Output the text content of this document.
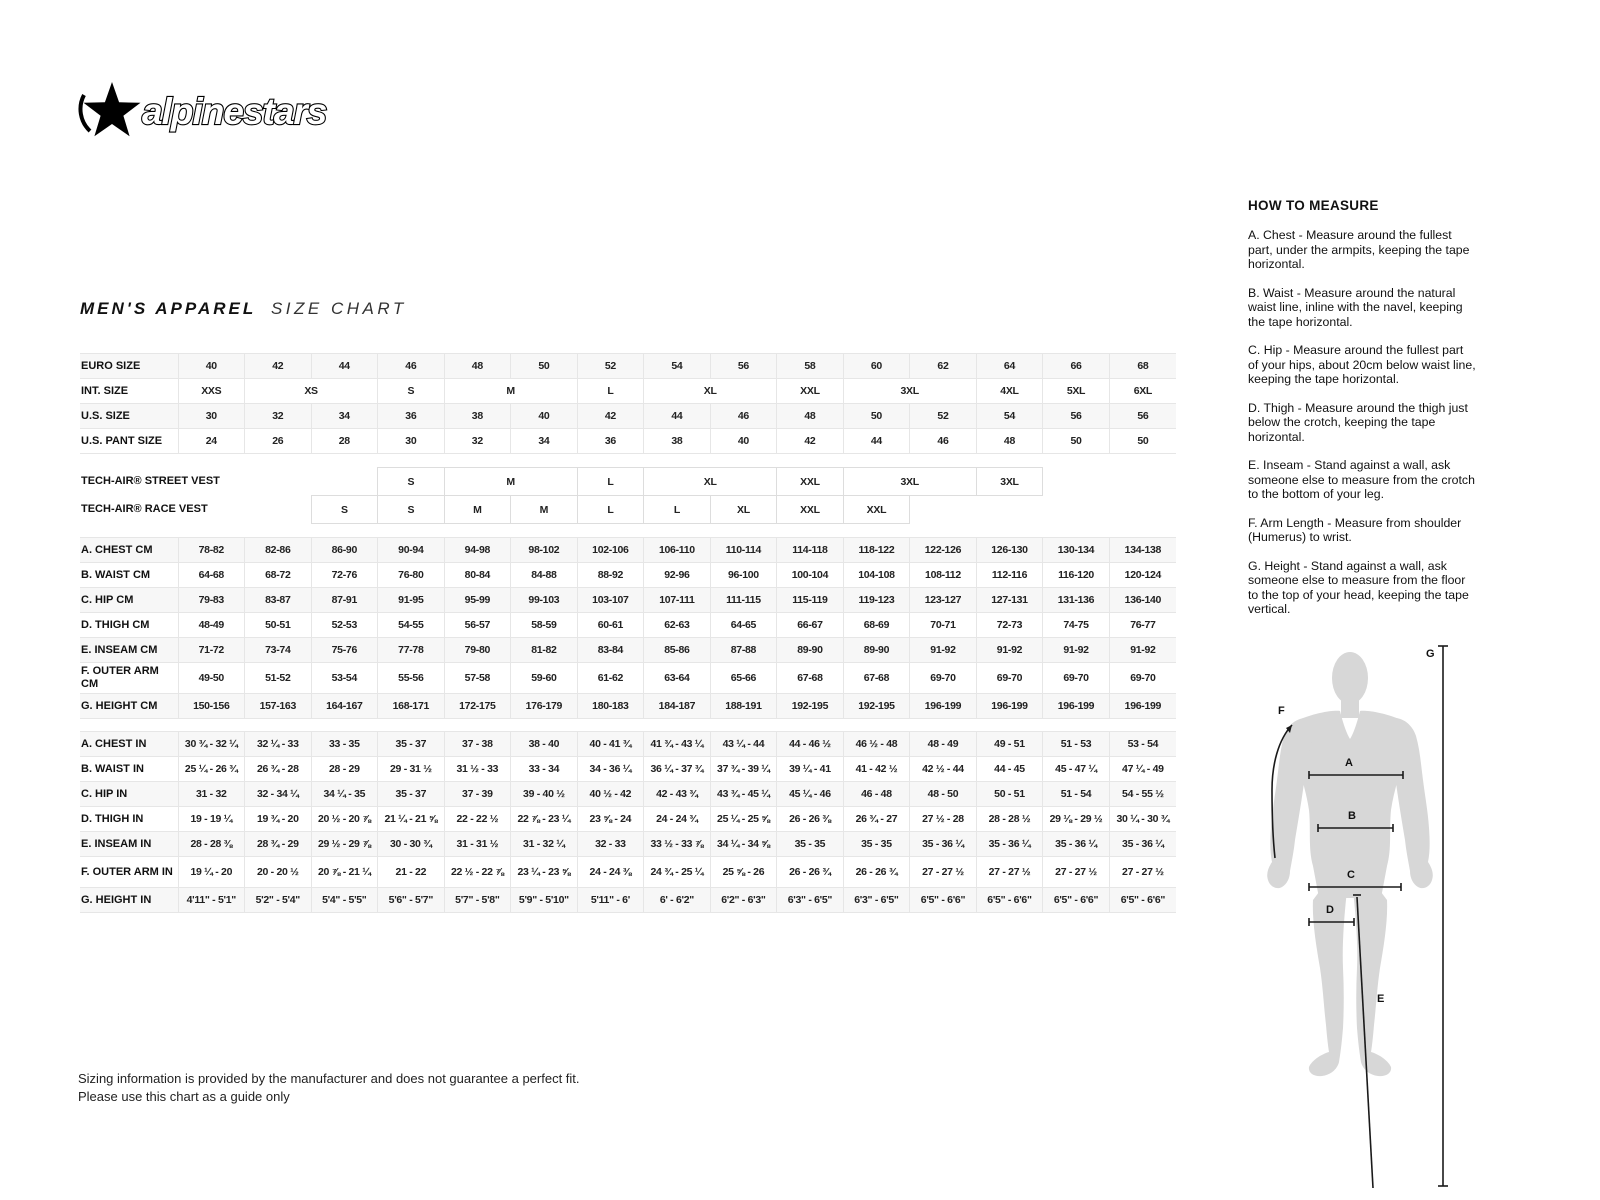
alpinestars
MEN'S APPAREL SIZE CHART
EURO SIZE	40	42	44	46	48	50	52	54	56	58	60	62	64	66	68
INT. SIZE	XXS	XS		S	M		L	XL		XXL	3XL		4XL	5XL	6XL
U.S. SIZE	30	32	34	36	38	40	42	44	46	48	50	52	54	56	56
U.S. PANT SIZE	24	26	28	30	32	34	36	38	40	42	44	46	48	50	50

TECH-AIR® STREET VEST				S	M		L	XL		XXL	3XL		3XL		
TECH-AIR® RACE VEST			S	S	M	M	L	L	XL	XXL	XXL				

A. CHEST CM	78-82	82-86	86-90	90-94	94-98	98-102	102-106	106-110	110-114	114-118	118-122	122-126	126-130	130-134	134-138
B. WAIST CM	64-68	68-72	72-76	76-80	80-84	84-88	88-92	92-96	96-100	100-104	104-108	108-112	112-116	116-120	120-124
C. HIP CM	79-83	83-87	87-91	91-95	95-99	99-103	103-107	107-111	111-115	115-119	119-123	123-127	127-131	131-136	136-140
D. THIGH CM	48-49	50-51	52-53	54-55	56-57	58-59	60-61	62-63	64-65	66-67	68-69	70-71	72-73	74-75	76-77
E. INSEAM CM	71-72	73-74	75-76	77-78	79-80	81-82	83-84	85-86	87-88	89-90	89-90	91-92	91-92	91-92	91-92
F. OUTER ARM CM	49-50	51-52	53-54	55-56	57-58	59-60	61-62	63-64	65-66	67-68	67-68	69-70	69-70	69-70	69-70
G. HEIGHT CM	150-156	157-163	164-167	168-171	172-175	176-179	180-183	184-187	188-191	192-195	192-195	196-199	196-199	196-199	196-199

A. CHEST IN	30 ¾ - 32 ¼	32 ¼ - 33	33 - 35	35 - 37	37 - 38	38 - 40	40 - 41 ¾	41 ¾ - 43 ¼	43 ¼ - 44	44 - 46 ½	46 ½ - 48	48 - 49	49 - 51	51 - 53	53 - 54
B. WAIST IN	25 ¼ - 26 ¾	26 ¾ - 28	28 - 29	29 - 31 ½	31 ½ - 33	33 - 34	34 - 36 ¼	36 ¼ - 37 ¾	37 ¾ - 39 ¼	39 ¼ - 41	41 - 42 ½	42 ½ - 44	44 - 45	45 - 47 ¼	47 ¼ - 49
C. HIP IN	31 - 32	32 - 34 ¼	34 ¼ - 35	35 - 37	37 - 39	39 - 40 ½	40 ½ - 42	42 - 43 ¾	43 ¾ - 45 ¼	45 ¼ - 46	46 - 48	48 - 50	50 - 51	51 - 54	54 - 55 ½
D. THIGH IN	19 - 19 ¼	19 ¾ - 20	20 ½ - 20 ⅞	21 ¼ - 21 ⅝	22 - 22 ½	22 ⅞ - 23 ¼	23 ⅝ - 24	24 - 24 ¾	25 ¼ - 25 ⅝	26 - 26 ⅜	26 ¾ - 27	27 ½ - 28	28 - 28 ½	29 ⅛ - 29 ½	30 ¼ - 30 ¾
E. INSEAM IN	28 - 28 ⅜	28 ¾ - 29	29 ½ - 29 ⅞	30 - 30 ¾	31 - 31 ½	31 - 32 ¼	32 - 33	33 ½ - 33 ⅞	34 ¼ - 34 ⅝	35 - 35	35 - 35	35 - 36 ¼	35 - 36 ¼	35 - 36 ¼	35 - 36 ¼
F. OUTER ARM IN	19 ¼ - 20	20 - 20 ½	20 ⅞ - 21 ¼	21 - 22	22 ½ - 22 ⅞	23 ¼ - 23 ⅝	24 - 24 ⅜	24 ¾ - 25 ¼	25 ⅝ - 26	26 - 26 ¾	26 - 26 ¾	27 - 27 ½	27 - 27 ½	27 - 27 ½	27 - 27 ½
G. HEIGHT IN	4'11" - 5'1"	5'2" - 5'4"	5'4" - 5'5"	5'6" - 5'7"	5'7" - 5'8"	5'9" - 5'10"	5'11" - 6'	6' - 6'2"	6'2" - 6'3"	6'3" - 6'5"	6'3" - 6'5"	6'5" - 6'6"	6'5" - 6'6"	6'5" - 6'6"	6'5" - 6'6"
HOW TO MEASURE

A. Chest - Measure around the fullest part, under the armpits, keeping the tape horizontal.

B. Waist - Measure around the natural waist line, inline with the navel, keeping the tape horizontal.

C. Hip - Measure around the fullest part of your hips, about 20cm below waist line, keeping the tape horizontal.

D. Thigh - Measure around the thigh just below the crotch, keeping the tape horizontal.

E. Inseam - Stand against a wall, ask someone else to measure from the crotch to the bottom of your leg.

F. Arm Length - Measure from shoulder (Humerus) to wrist.

G. Height - Stand against a wall, ask someone else to measure from the floor to the top of your head, keeping the tape vertical.

A
B
C
D
E
F
G
Sizing information is provided by the manufacturer and does not guarantee a perfect fit.
Please use this chart as a guide only
